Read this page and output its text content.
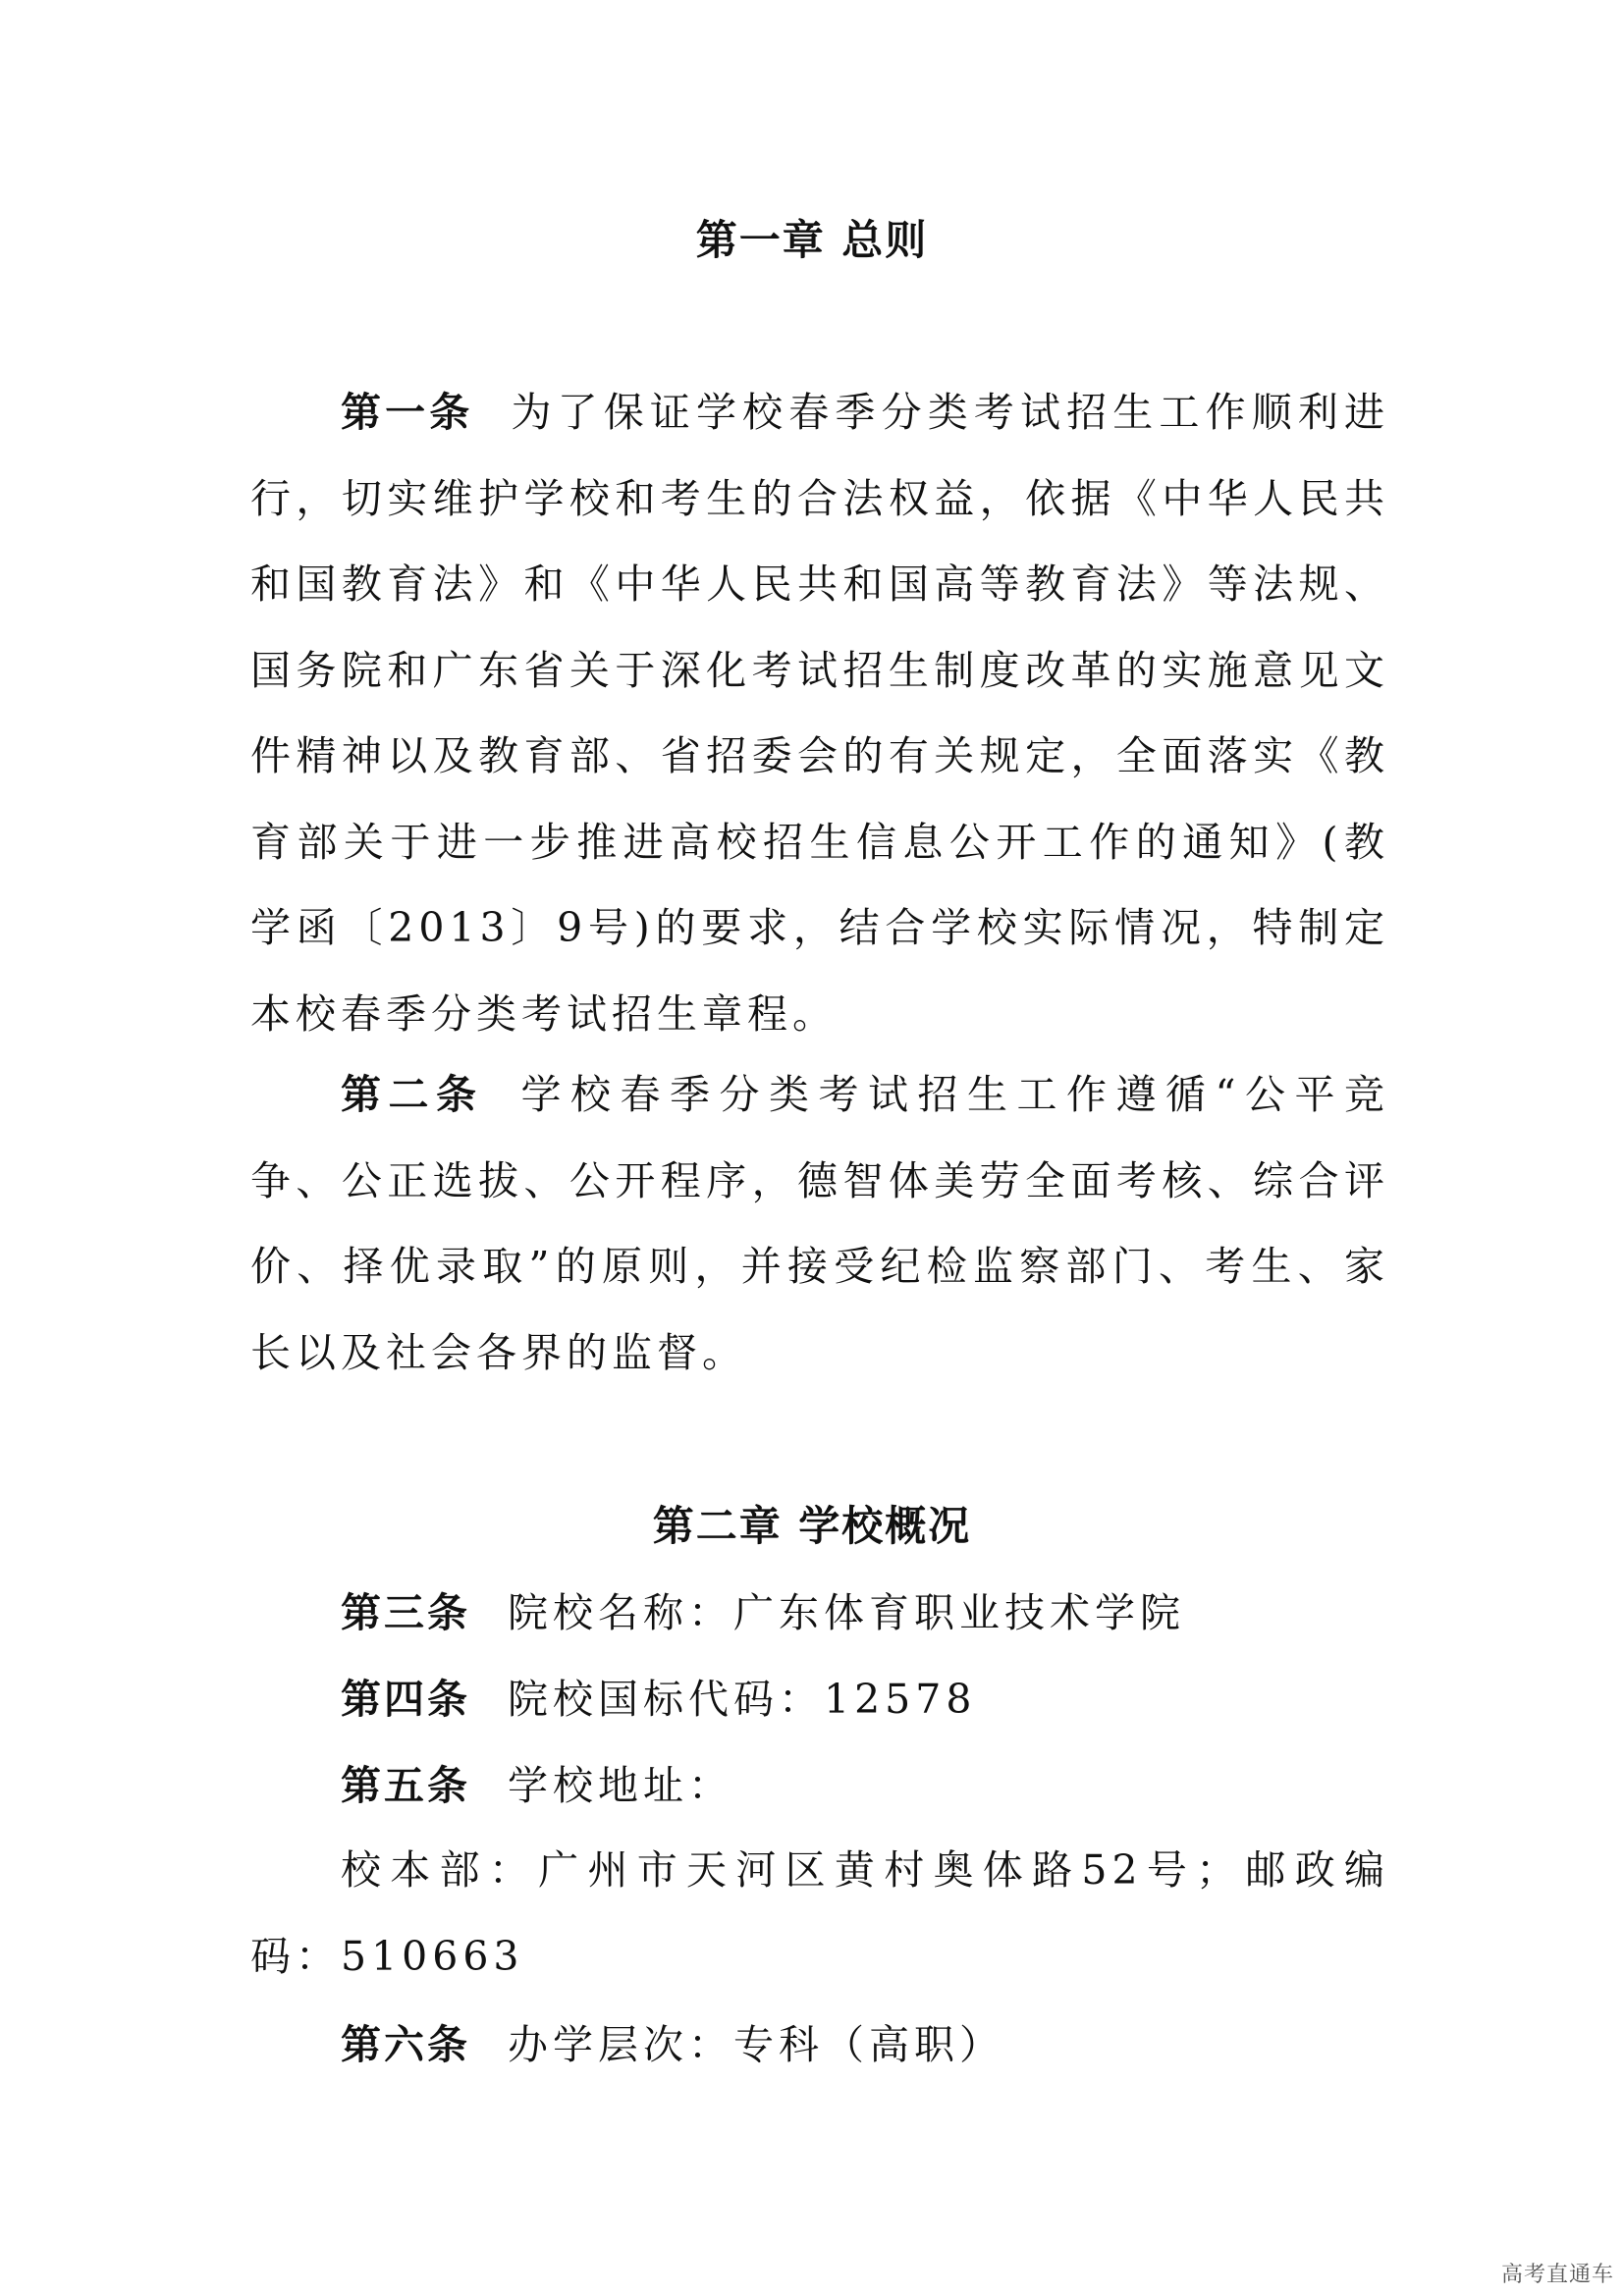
第一章 总则

第一条 为了保证学校春季分类考试招生工作顺利进行，切实维护学校和考生的合法权益，依据《中华人民共和国教育法》和《中华人民共和国高等教育法》等法规、国务院和广东省关于深化考试招生制度改革的实施意见文件精神以及教育部、省招委会的有关规定，全面落实《教育部关于进一步推进高校招生信息公开工作的通知》(教学函〔2013〕9号)的要求，结合学校实际情况，特制定本校春季分类考试招生章程。

第二条 学校春季分类考试招生工作遵循“公平竞争、公正选拔、公开程序，德智体美劳全面考核、综合评价、择优录取”的原则，并接受纪检监察部门、考生、家长以及社会各界的监督。

第二章 学校概况

第三条 院校名称：广东体育职业技术学院

第四条 院校国标代码：12578

第五条 学校地址：

校本部：广州市天河区黄村奥体路52号；邮政编码：510663

第六条 办学层次：专科（高职）

高考直通车
